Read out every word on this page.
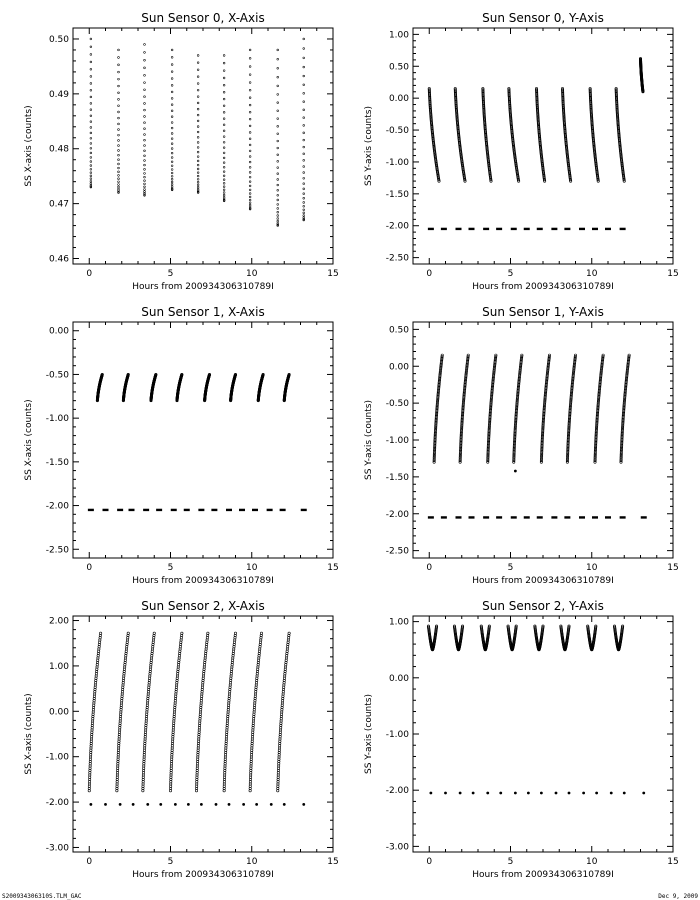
Sun Sensor 0, X-Axis
0	5	10	15
0.46
0.47
0.48
0.49
0.50
Hours from 200934306310789I
SS X-axis (counts)
Sun Sensor 0, Y-Axis
0	5	10	15
-2.50
-2.00
-1.50
-1.00
-0.50
0.00
0.50
1.00
Hours from 200934306310789I
SS Y-axis (counts)
Sun Sensor 1, X-Axis
0	5	10	15
-2.50
-2.00
-1.50
-1.00
-0.50
0.00
Hours from 200934306310789I
SS X-axis (counts)
Sun Sensor 1, Y-Axis
0	5	10	15
-2.50
-2.00
-1.50
-1.00
-0.50
0.00
0.50
Hours from 200934306310789I
SS Y-axis (counts)
Sun Sensor 2, X-Axis
0	5	10	15
-3.00
-2.00
-1.00
0.00
1.00
2.00
Hours from 200934306310789I
SS X-axis (counts)
Sun Sensor 2, Y-Axis
0	5	10	15
-3.00
-2.00
-1.00
0.00
1.00
Hours from 200934306310789I
SS Y-axis (counts)
S200934306310S.TLM_GAC	Dec 9, 2009
